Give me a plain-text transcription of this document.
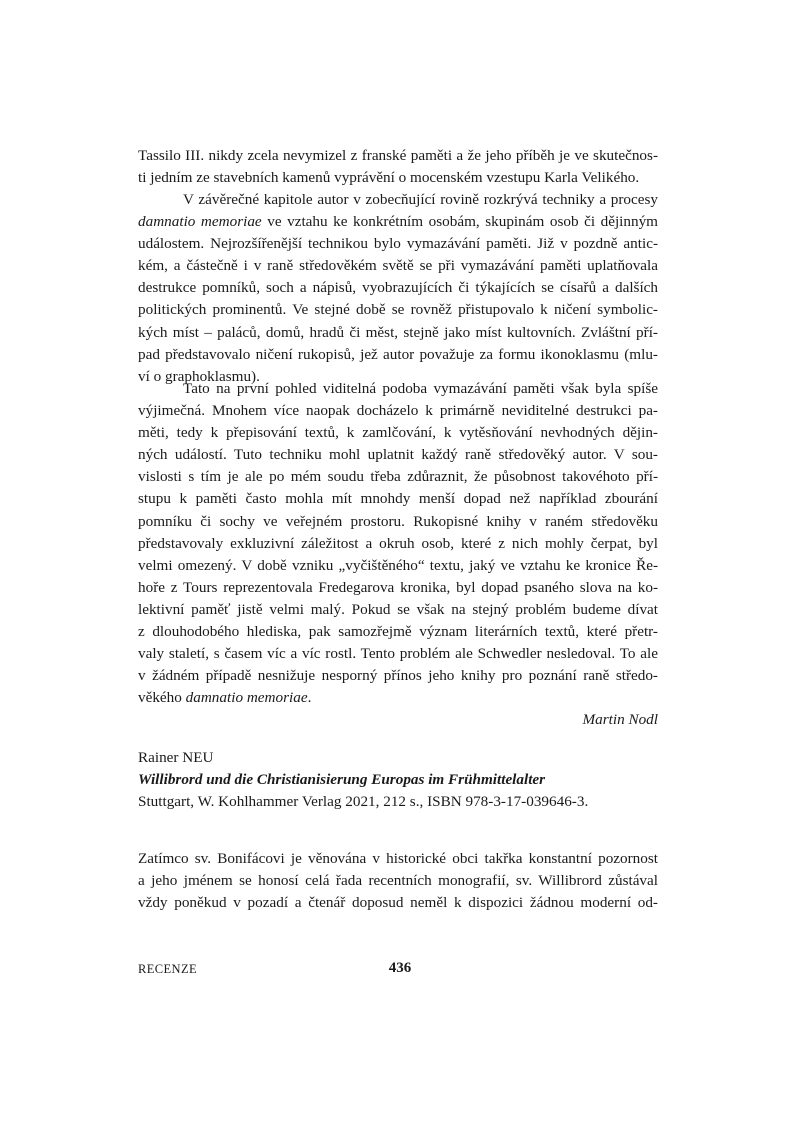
Tassilo III. nikdy zcela nevymizel z franské paměti a že jeho příběh je ve skutečnos-
ti jedním ze stavebních kamenů vyprávění o mocenském vzestupu Karla Velikého.
V závěrečné kapitole autor v zobecňující rovině rozkrývá techniky a procesy
damnatio memoriae ve vztahu ke konkrétním osobám, skupinám osob či dějinným
událostem. Nejrozšířenější technikou bylo vymazávání paměti. Již v pozdně antic-
kém, a částečně i v raně středověkém světě se při vymazávání paměti uplatňovala
destrukce pomníků, soch a nápisů, vyobrazujících či týkajících se císařů a dalších
politických prominentů. Ve stejné době se rovněž přistupovalo k ničení symbolic-
kých míst – paláců, domů, hradů či měst, stejně jako míst kultovních. Zvláštní pří-
pad představovalo ničení rukopisů, jež autor považuje za formu ikonoklasmu (mlu-
ví o graphoklasmu).
Tato na první pohled viditelná podoba vymazávání paměti však byla spíše
výjimečná. Mnohem více naopak docházelo k primárně neviditelné destrukci pa-
měti, tedy k přepisování textů, k zamlčování, k vytěsňování nevhodných dějin-
ných událostí. Tuto techniku mohl uplatnit každý raně středověký autor. V sou-
vislosti s tím je ale po mém soudu třeba zdůraznit, že působnost takovéhoto pří-
stupu k paměti často mohla mít mnohdy menší dopad než například zbourání
pomníku či sochy ve veřejném prostoru. Rukopisné knihy v raném středověku
představovaly exkluzivní záležitost a okruh osob, které z nich mohly čerpat, byl
velmi omezený. V době vzniku „vyčištěného“ textu, jaký ve vztahu ke kronice Ře-
hoře z Tours reprezentovala Fredegarova kronika, byl dopad psaného slova na ko-
lektivní paměť jistě velmi malý. Pokud se však na stejný problém budeme dívat
z dlouhodobého hlediska, pak samozřejmě význam literárních textů, které přetr-
valy staletí, s časem víc a víc rostl. Tento problém ale Schwedler nesledoval. To ale
v žádném případě nesnižuje nesporný přínos jeho knihy pro poznání raně středo-
věkého damnatio memoriae.
Martin Nodl
Rainer NEU
Willibrord und die Christianisierung Europas im Frühmittelalter
Stuttgart, W. Kohlhammer Verlag 2021, 212 s., ISBN 978-3-17-039646-3.
Zatímco sv. Bonifácovi je věnována v historické obci takřka konstantní pozornost
a jeho jménem se honosí celá řada recentních monografií, sv. Willibrord zůstával
vždy poněkud v pozadí a čtenář doposud neměl k dispozici žádnou moderní od-
RECENZE	436
